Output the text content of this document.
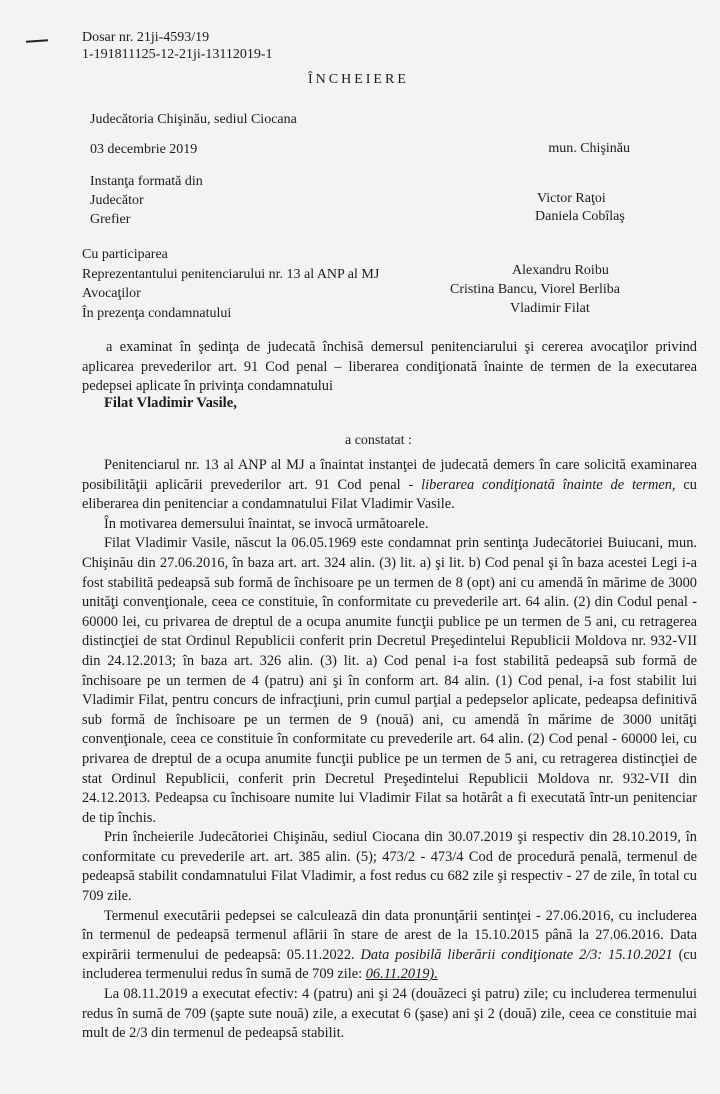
Dosar nr. 21ji-4593/19
1-191811125-12-21ji-13112019-1
ÎNCHEIERE
Judecătoria Chişinău, sediul Ciocana
03 decembrie 2019	mun. Chişinău
Instanţa formată din
Judecător
Grefier
Victor Raţoi
Daniela Cobîlaş
Cu participarea
Reprezentantului penitenciarului nr. 13 al ANP al MJ
Avocaţilor
În prezenţa condamnatului
Alexandru Roibu
Cristina Bancu, Viorel Berliba
Vladimir Filat

a examinat în şedinţa de judecată închisă demersul penitenciarului şi cererea avocaţilor privind aplicarea prevederilor art. 91 Cod penal – liberarea condiţionată înainte de termen de la executarea pedepsei aplicate în privinţa condamnatului

Filat Vladimir Vasile,
a constatat :

Penitenciarul nr. 13 al ANP al MJ a înaintat instanţei de judecată demers în care solicită examinarea posibilităţii aplicării prevederilor art. 91 Cod penal - liberarea condiţionată înainte de termen, cu eliberarea din penitenciar a condamnatului Filat Vladimir Vasile.

În motivarea demersului înaintat, se invocă următoarele.

Filat Vladimir Vasile, născut la 06.05.1969 este condamnat prin sentinţa Judecătoriei Buiucani, mun. Chişinău din 27.06.2016, în baza art. art. 324 alin. (3) lit. a) şi lit. b) Cod penal şi în baza acestei Legi i-a fost stabilită pedeapsă sub formă de închisoare pe un termen de 8 (opt) ani cu amendă în mărime de 3000 unităţi convenţionale, ceea ce constituie, în conformitate cu prevederile art. 64 alin. (2) din Codul penal - 60000 lei, cu privarea de dreptul de a ocupa anumite funcţii publice pe un termen de 5 ani, cu retragerea distincţiei de stat Ordinul Republicii conferit prin Decretul Preşedintelui Republicii Moldova nr. 932-VII din 24.12.2013; în baza art. 326 alin. (3) lit. a) Cod penal i-a fost stabilită pedeapsă sub formă de închisoare pe un termen de 4 (patru) ani şi în conform art. 84 alin. (1) Cod penal, i-a fost stabilit lui Vladimir Filat, pentru concurs de infracţiuni, prin cumul parţial a pedepselor aplicate, pedeapsa definitivă sub formă de închisoare pe un termen de 9 (nouă) ani, cu amendă în mărime de 3000 unităţi convenţionale, ceea ce constituie în conformitate cu prevederile art. 64 alin. (2) Cod penal - 60000 lei, cu privarea de dreptul de a ocupa anumite funcţii publice pe un termen de 5 ani, cu retragerea distincţiei de stat Ordinul Republicii, conferit prin Decretul Preşedintelui Republicii Moldova nr. 932-VII din 24.12.2013. Pedeapsa cu închisoare numite lui Vladimir Filat sa hotărât a fi executată într-un penitenciar de tip închis.

Prin încheierile Judecătoriei Chişinău, sediul Ciocana din 30.07.2019 şi respectiv din 28.10.2019, în conformitate cu prevederile art. art. 385 alin. (5); 473/2 - 473/4 Cod de procedură penală, termenul de pedeapsă stabilit condamnatului Filat Vladimir, a fost redus cu 682 zile şi respectiv - 27 de zile, în total cu 709 zile.

Termenul executării pedepsei se calculează din data pronunţării sentinţei - 27.06.2016, cu includerea în termenul de pedeapsă termenul aflării în stare de arest de la 15.10.2015 până la 27.06.2016. Data expirării termenului de pedeapsă: 05.11.2022. Data posibilă liberării condiţionate 2/3: 15.10.2021 (cu includerea termenului redus în sumă de 709 zile: 06.11.2019).

La 08.11.2019 a executat efectiv: 4 (patru) ani şi 24 (douăzeci şi patru) zile; cu includerea termenului redus în sumă de 709 (şapte sute nouă) zile, a executat 6 (şase) ani şi 2 (două) zile, ceea ce constituie mai mult de 2/3 din termenul de pedeapsă stabilit.
